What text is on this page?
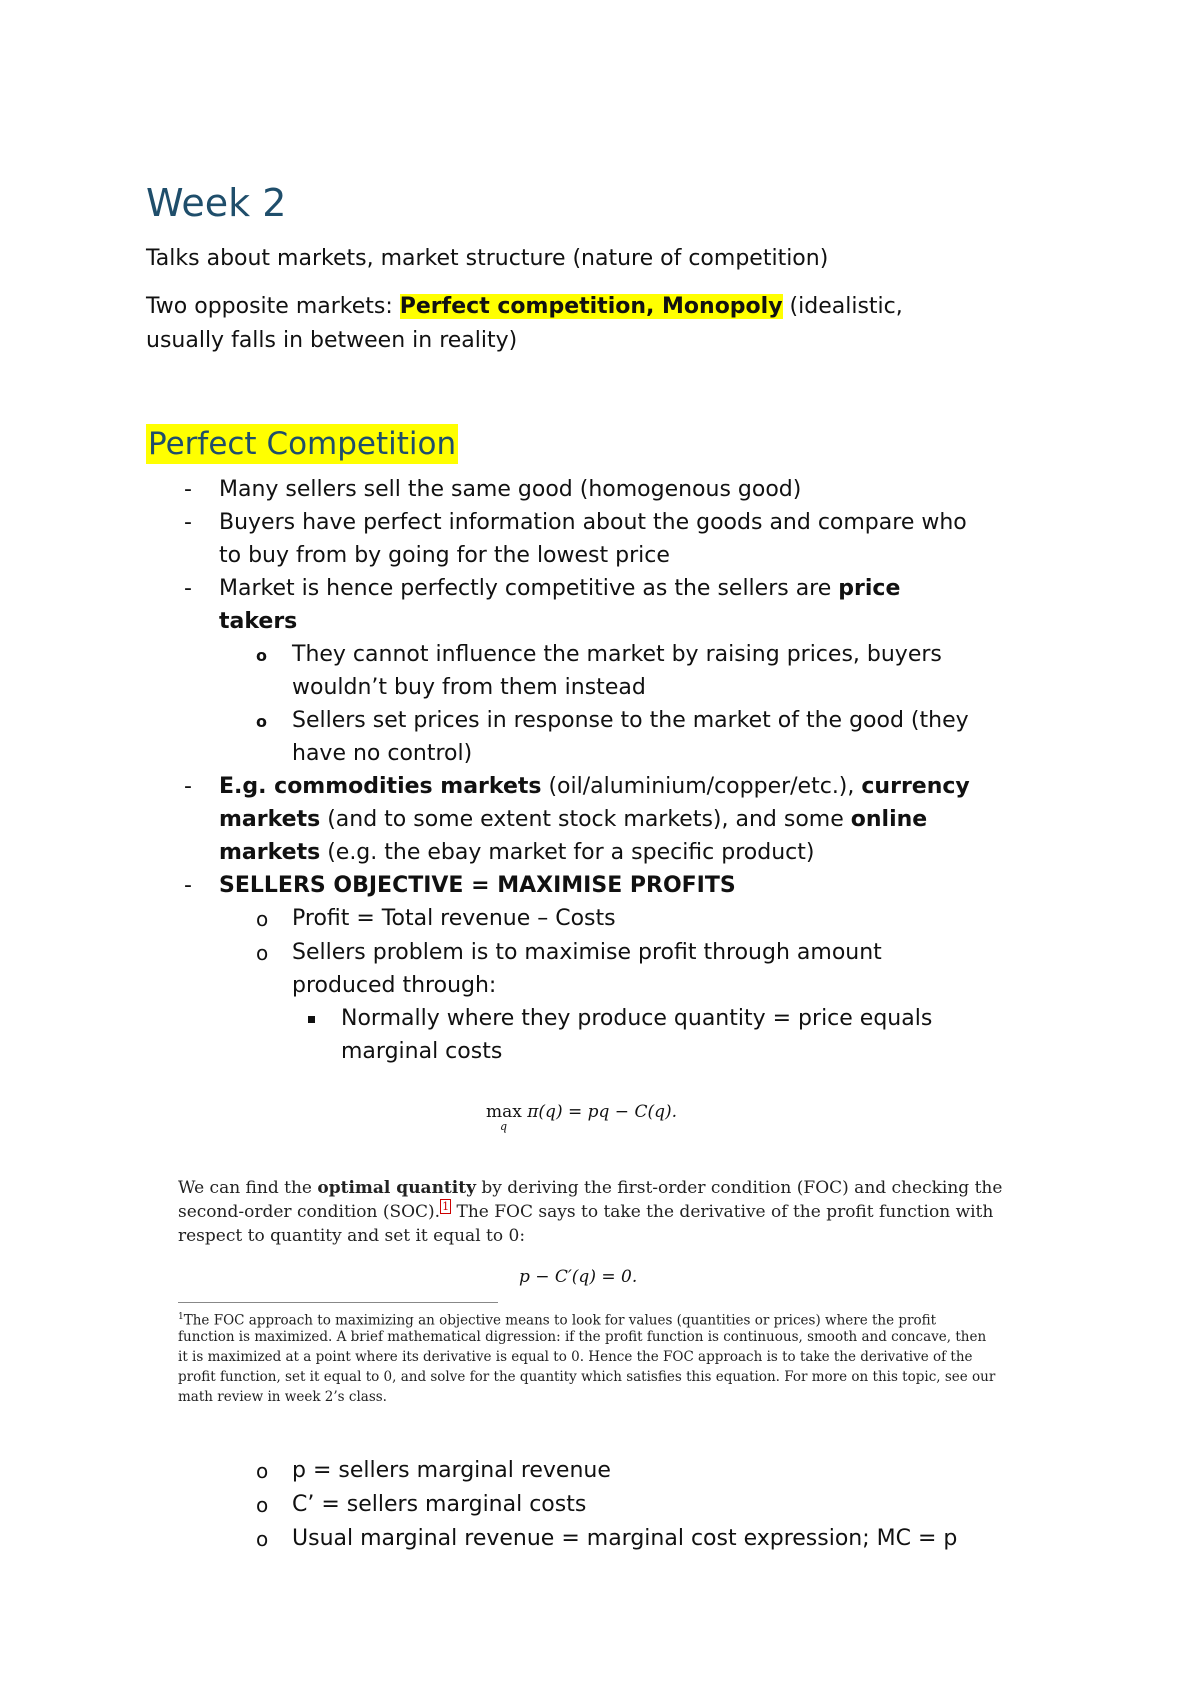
Week 2
Talks about markets, market structure (nature of competition)
Two opposite markets: Perfect competition, Monopoly (idealistic,
usually falls in between in reality)
Perfect Competition
- Many sellers sell the same good (homogenous good)
- Buyers have perfect information about the goods and compare who
to buy from by going for the lowest price
- Market is hence perfectly competitive as the sellers are price
takers
o They cannot influence the market by raising prices, buyers
wouldn’t buy from them instead
o Sellers set prices in response to the market of the good (they
have no control)
- E.g. commodities markets (oil/aluminium/copper/etc.), currency
markets (and to some extent stock markets), and some online
markets (e.g. the ebay market for a specific product)
- SELLERS OBJECTIVE = MAXIMISE PROFITS
o Profit = Total revenue – Costs
o Sellers problem is to maximise profit through amount
produced through:
Normally where they produce quantity = price equals
marginal costs
max π(q) = pq − C(q).
q
We can find the optimal quantity by deriving the first-order condition (FOC) and checking the
second-order condition (SOC). $^1$ The FOC says to take the derivative of the profit function with
respect to quantity and set it equal to 0:
p − C′(q) = 0.
$^1$The FOC approach to maximizing an objective means to look for values (quantities or prices) where the profit
function is maximized. A brief mathematical digression: if the profit function is continuous, smooth and concave, then
it is maximized at a point where its derivative is equal to 0. Hence the FOC approach is to take the derivative of the
profit function, set it equal to 0, and solve for the quantity which satisfies this equation. For more on this topic, see our
math review in week 2’s class.
o p = sellers marginal revenue
o C’ = sellers marginal costs
o Usual marginal revenue = marginal cost expression; MC = p
